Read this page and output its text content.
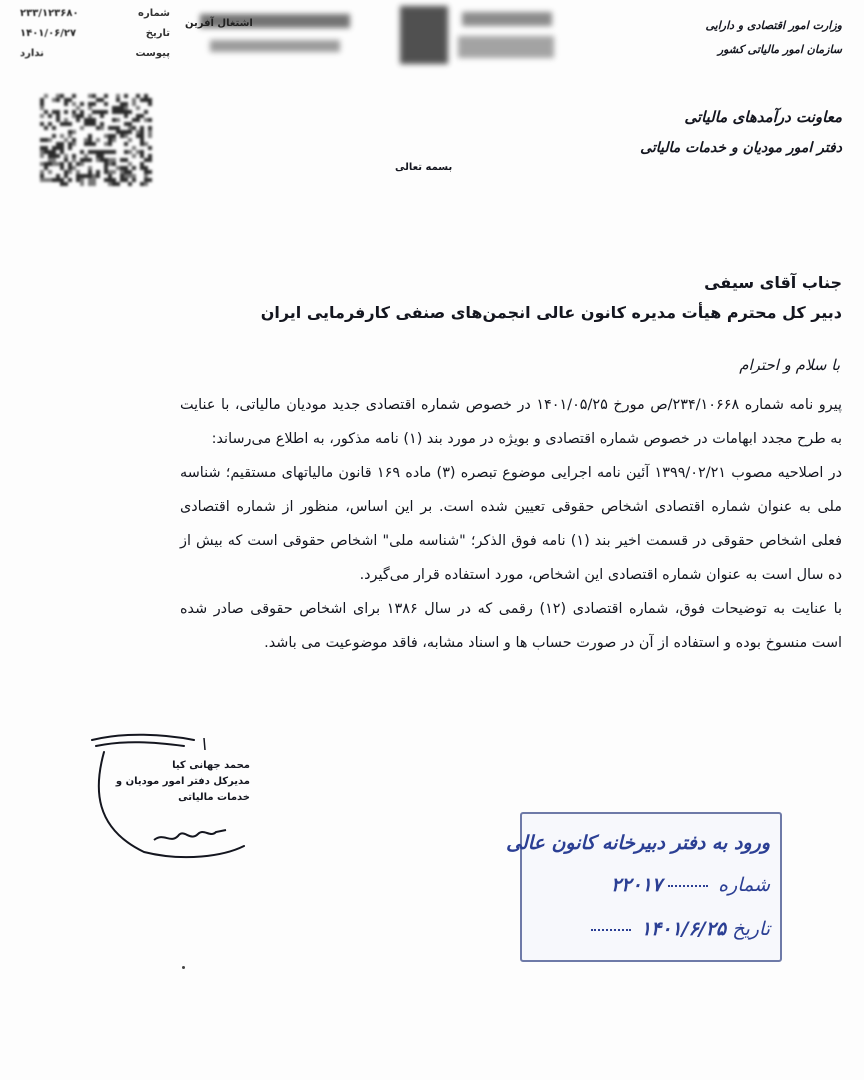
شماره
۲۳۳/۱۲۳۶۸۰
تاریخ
۱۴۰۱/۰۶/۲۷
پیوست
ندارد
اشتغال آفرین	وزارت امور اقتصادی و دارایی
سازمان امور مالیاتی کشور
معاونت درآمدهای مالیاتی
دفتر امور مودیان و خدمات مالیاتی
بسمه تعالی
جناب آقای سیفی
دبیر کل محترم هیأت مدیره کانون عالی انجمن‌های صنفی کارفرمایی ایران
با سلام و احترام

پیرو نامه شماره ۲۳۴/۱۰۶۶۸/ص مورخ ۱۴۰۱/۰۵/۲۵ در خصوص شماره اقتصادی جدید مودیان مالیاتی، با عنایت به طرح مجدد ابهامات در خصوص شماره اقتصادی و بویژه در مورد بند (۱) نامه مذکور، به اطلاع می‌رساند:

در اصلاحیه مصوب ۱۳۹۹/۰۲/۲۱ آئین نامه اجرایی موضوع تبصره (۳) ماده ۱۶۹ قانون مالیاتهای مستقیم؛ شناسه ملی به عنوان شماره اقتصادی اشخاص حقوقی تعیین شده است. بر این اساس، منظور از شماره اقتصادی فعلی اشخاص حقوقی در قسمت اخیر بند (۱) نامه فوق الذکر؛ "شناسه ملی" اشخاص حقوقی است که بیش از ده سال است به عنوان شماره اقتصادی این اشخاص، مورد استفاده قرار می‌گیرد.

با عنایت به توضیحات فوق، شماره اقتصادی (۱۲) رقمی که در سال ۱۳۸۶ برای اشخاص حقوقی صادر شده است منسوخ بوده و استفاده از آن در صورت حساب ها و اسناد مشابه، فاقد موضوعیت می باشد.

محمد جهانی کیا
مدیرکل دفتر امور مودیان و
خدمات مالیاتی
ورود به دفتر دبیرخانه کانون عالی
شماره  ۲۲۰۱۷
تاریخ ۱۴۰۱/۶/۲۵
